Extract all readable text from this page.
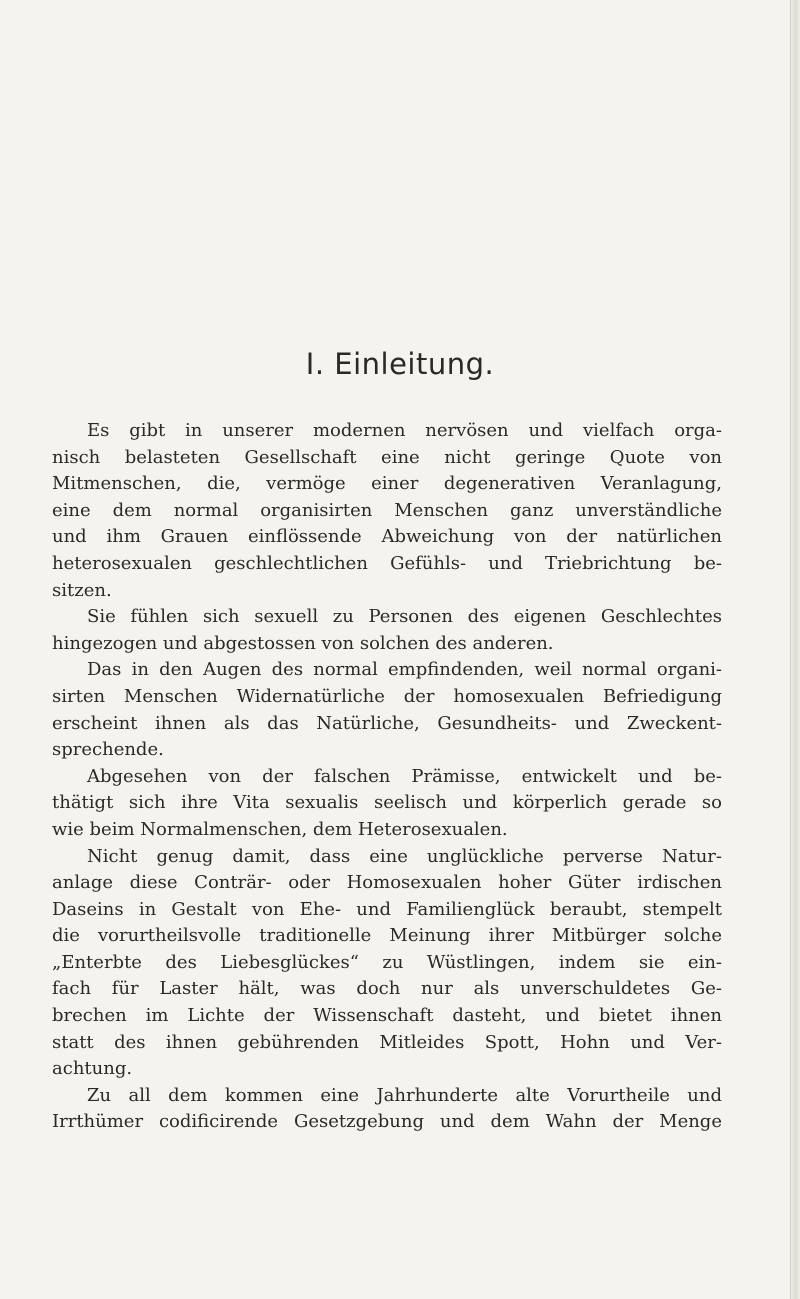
I. Einleitung.
Es gibt in unserer modernen nervösen und vielfach orga-
nisch belasteten Gesellschaft eine nicht geringe Quote von
Mitmenschen, die, vermöge einer degenerativen Veranlagung,
eine dem normal organisirten Menschen ganz unverständliche
und ihm Grauen einflössende Abweichung von der natürlichen
heterosexualen geschlechtlichen Gefühls- und Triebrichtung be-
sitzen.
Sie fühlen sich sexuell zu Personen des eigenen Geschlechtes
hingezogen und abgestossen von solchen des anderen.
Das in den Augen des normal empfindenden, weil normal organi-
sirten Menschen Widernatürliche der homosexualen Befriedigung
erscheint ihnen als das Natürliche, Gesundheits- und Zweckent-
sprechende.
Abgesehen von der falschen Prämisse, entwickelt und be-
thätigt sich ihre Vita sexualis seelisch und körperlich gerade so
wie beim Normalmenschen, dem Heterosexualen.
Nicht genug damit, dass eine unglückliche perverse Natur-
anlage diese Conträr- oder Homosexualen hoher Güter irdischen
Daseins in Gestalt von Ehe- und Familienglück beraubt, stempelt
die vorurtheilsvolle traditionelle Meinung ihrer Mitbürger solche
„Enterbte des Liebesglückes“ zu Wüstlingen, indem sie ein-
fach für Laster hält, was doch nur als unverschuldetes Ge-
brechen im Lichte der Wissenschaft dasteht, und bietet ihnen
statt des ihnen gebührenden Mitleides Spott, Hohn und Ver-
achtung.
Zu all dem kommen eine Jahrhunderte alte Vorurtheile und
Irrthümer codificirende Gesetzgebung und dem Wahn der Menge
